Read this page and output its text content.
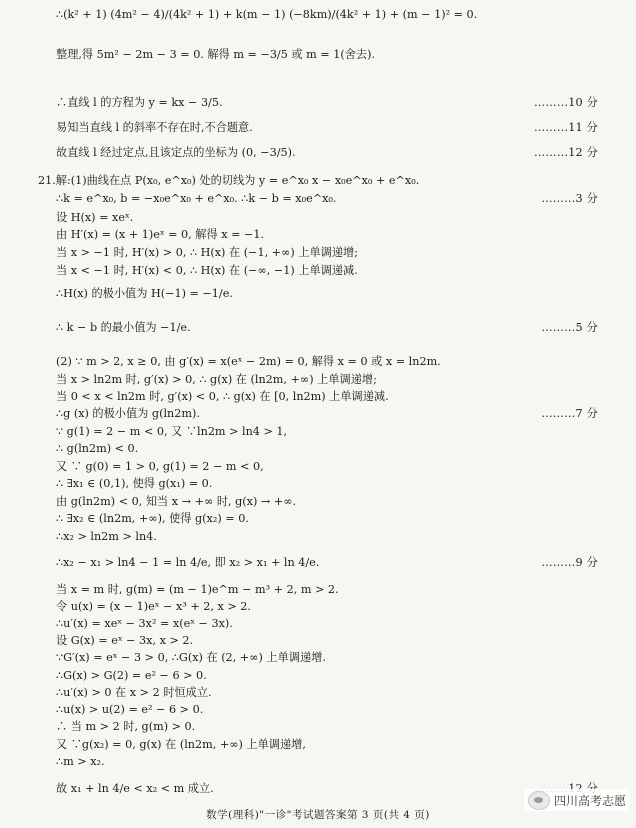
∴(k² + 1) (4m² − 4)/(4k² + 1) + k(m − 1) (−8km)/(4k² + 1) + (m − 1)² = 0.
整理,得 5m² − 2m − 3 = 0. 解得 m = −3/5 或 m = 1(舍去).
∴直线 l 的方程为 y = kx − 3/5.	………10 分
易知当直线 l 的斜率不存在时,不合题意.	………11 分
故直线 l 经过定点,且该定点的坐标为 (0, −3/5).	………12 分
21.解:(1)曲线在点 P(x₀, e^x₀) 处的切线为 y = e^x₀ x − x₀e^x₀ + e^x₀.
∴k = e^x₀, b = −x₀e^x₀ + e^x₀. ∴k − b = x₀e^x₀.	………3 分
设 H(x) = xeˣ.
由 H′(x) = (x + 1)eˣ = 0, 解得 x = −1.
当 x > −1 时, H′(x) > 0, ∴ H(x) 在 (−1, +∞) 上单调递增;
当 x < −1 时, H′(x) < 0, ∴ H(x) 在 (−∞, −1) 上单调递减.
∴H(x) 的极小值为 H(−1) = −1/e.
∴ k − b 的最小值为 −1/e.	………5 分
(2) ∵ m > 2, x ≥ 0, 由 g′(x) = x(eˣ − 2m) = 0, 解得 x = 0 或 x = ln2m.
当 x > ln2m 时, g′(x) > 0, ∴ g(x) 在 (ln2m, +∞) 上单调递增;
当 0 < x < ln2m 时, g′(x) < 0, ∴ g(x) 在 [0, ln2m) 上单调递减.
∴g (x) 的极小值为 g(ln2m).	………7 分
∵ g(1) = 2 − m < 0, 又 ∵ln2m > ln4 > 1,
∴ g(ln2m) < 0.
又 ∵ g(0) = 1 > 0, g(1) = 2 − m < 0,
∴ ∃x₁ ∈ (0,1), 使得 g(x₁) = 0.
由 g(ln2m) < 0, 知当 x → +∞ 时, g(x) → +∞.
∴ ∃x₂ ∈ (ln2m, +∞), 使得 g(x₂) = 0.
∴x₂ > ln2m > ln4.
∴x₂ − x₁ > ln4 − 1 = ln 4/e, 即 x₂ > x₁ + ln 4/e.	………9 分
当 x = m 时, g(m) = (m − 1)e^m − m³ + 2, m > 2.
令 u(x) = (x − 1)eˣ − x³ + 2, x > 2.
∴u′(x) = xeˣ − 3x² = x(eˣ − 3x).
设 G(x) = eˣ − 3x, x > 2.
∵G′(x) = eˣ − 3 > 0, ∴G(x) 在 (2, +∞) 上单调递增.
∴G(x) > G(2) = e² − 6 > 0.
∴u′(x) > 0 在 x > 2 时恒成立.
∴u(x) > u(2) = e² − 6 > 0.
∴ 当 m > 2 时, g(m) > 0.
又 ∵g(x₂) = 0, g(x) 在 (ln2m, +∞) 上单调递增,
∴m > x₂.
故 x₁ + ln 4/e < x₂ < m 成立.
数学(理科)"一诊"考试题答案第 3 页(共 4 页)
四川高考志愿
